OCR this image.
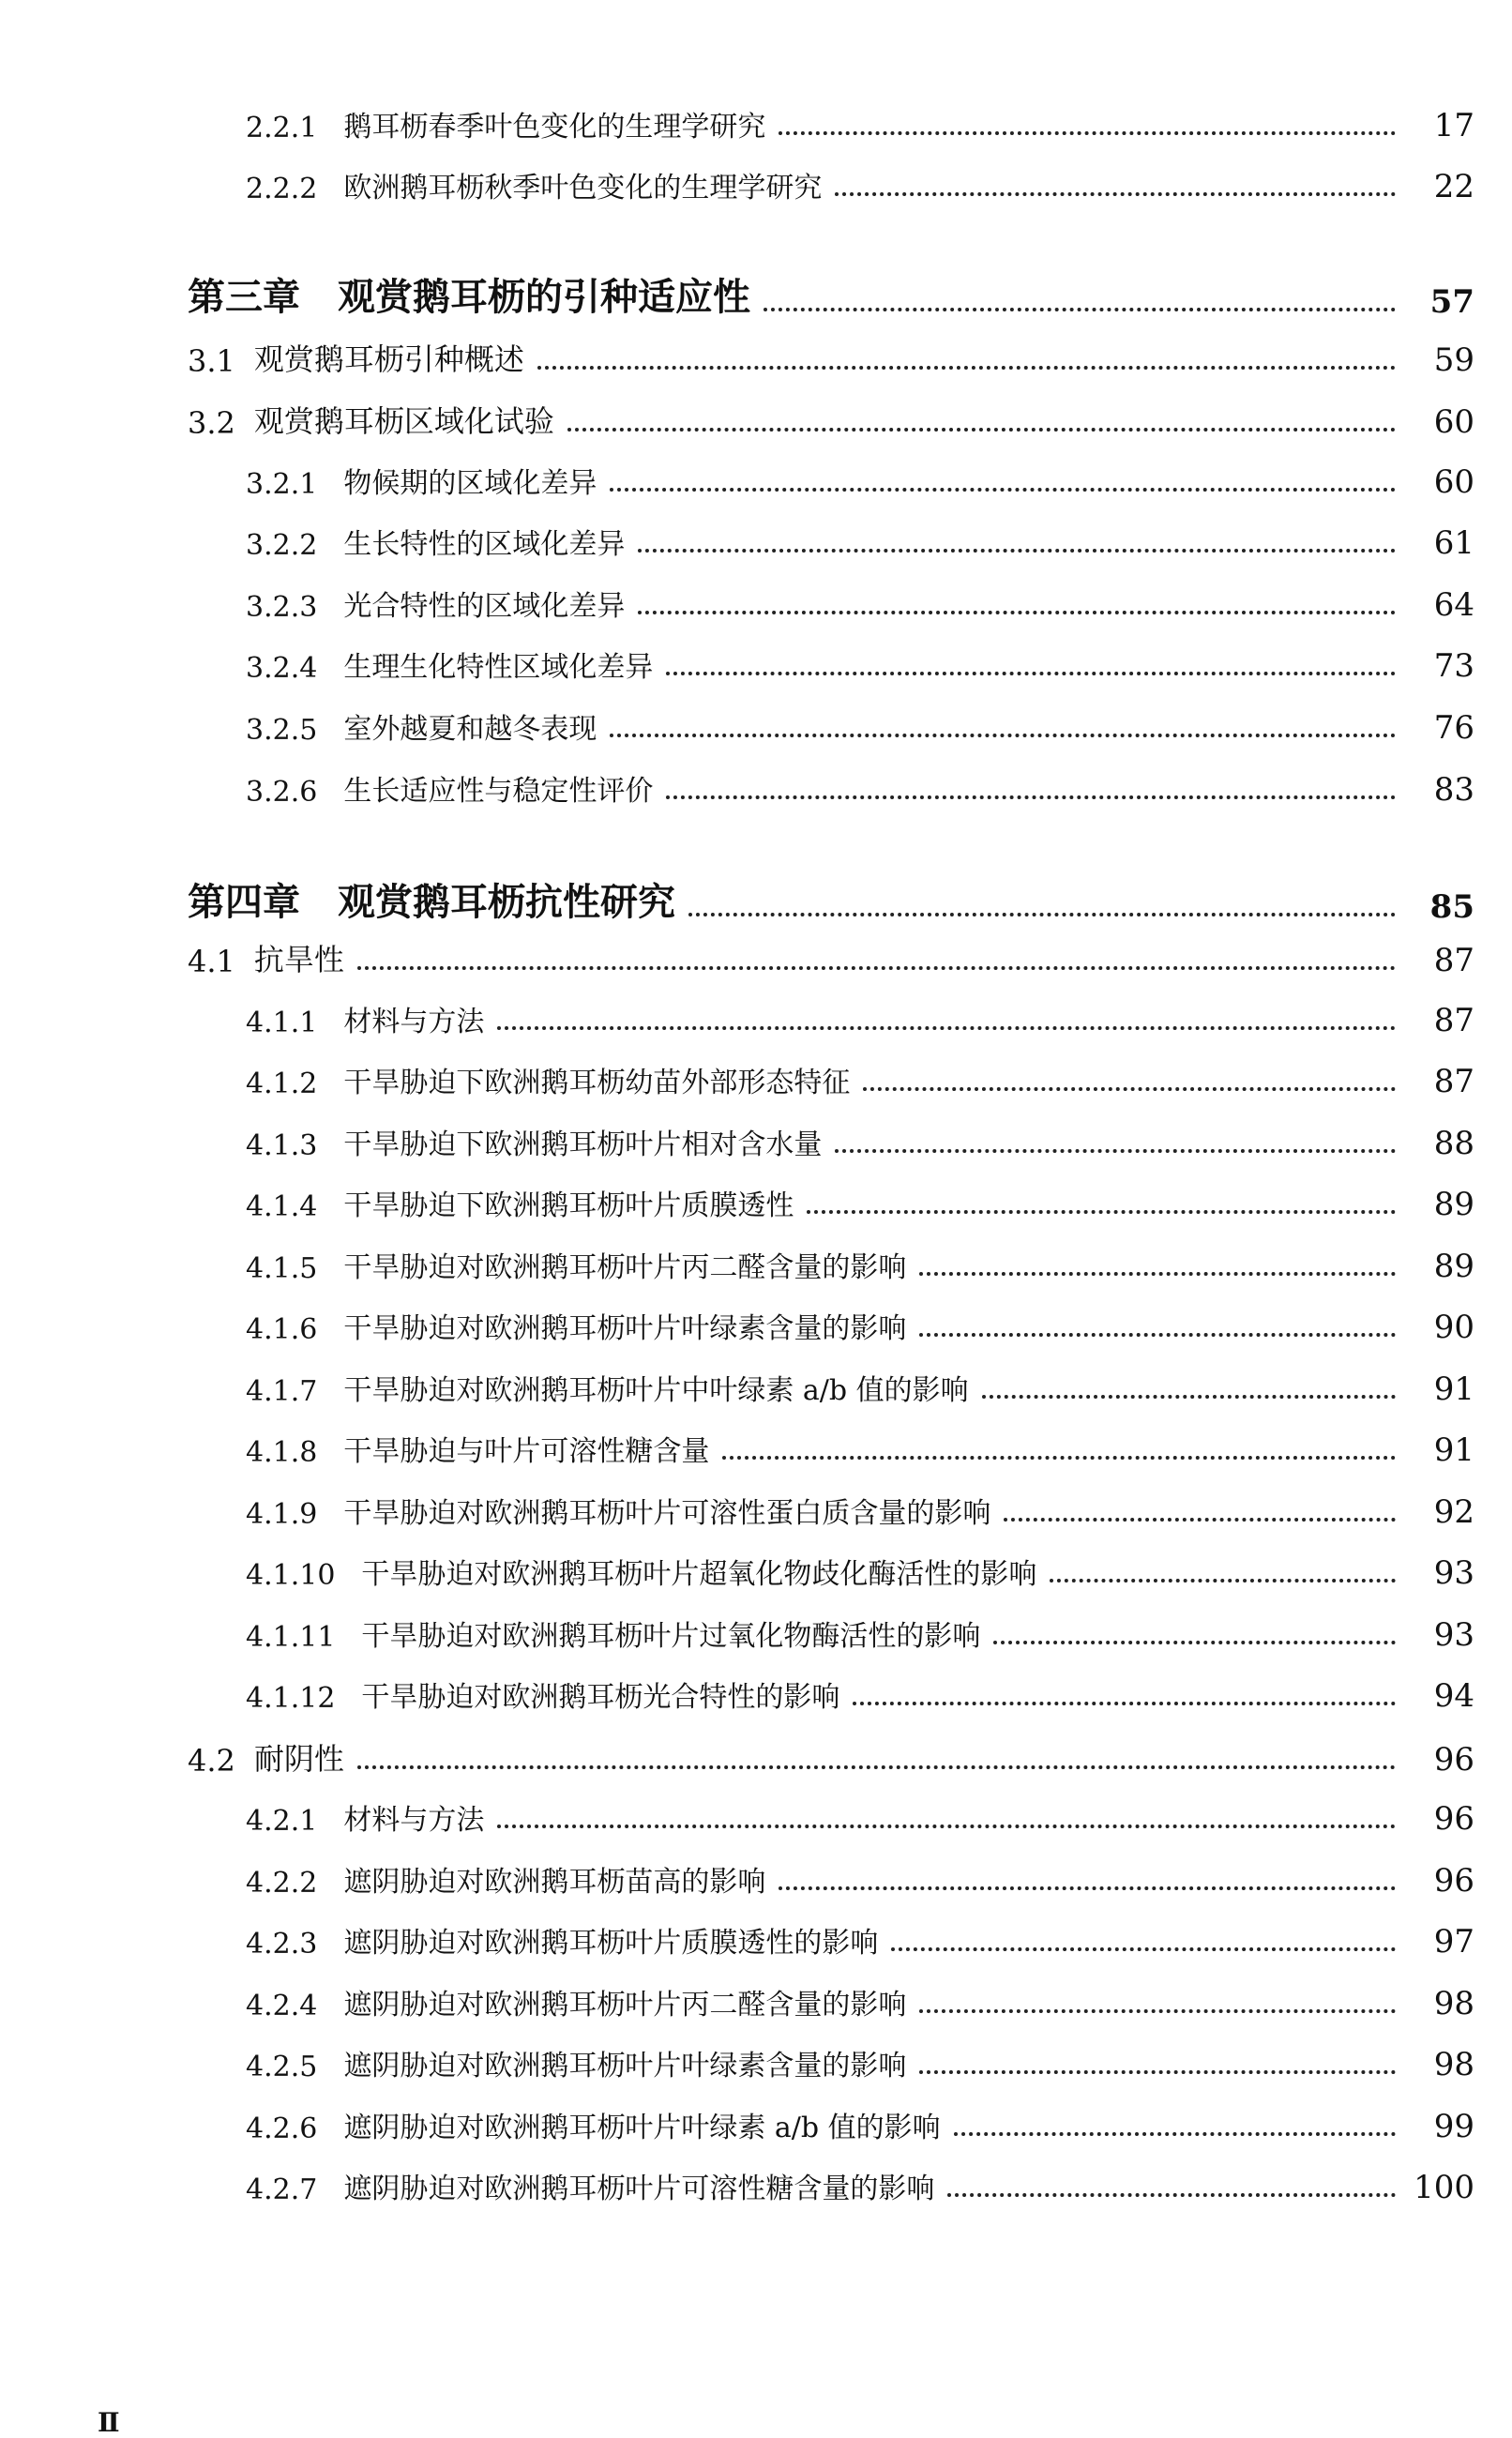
2.2.1 鹅耳枥春季叶色变化的生理学研究	17
2.2.2 欧洲鹅耳枥秋季叶色变化的生理学研究	22
第三章 观赏鹅耳枥的引种适应性	57
3.1 观赏鹅耳枥引种概述	59
3.2 观赏鹅耳枥区域化试验	60
3.2.1 物候期的区域化差异	60
3.2.2 生长特性的区域化差异	61
3.2.3 光合特性的区域化差异	64
3.2.4 生理生化特性区域化差异	73
3.2.5 室外越夏和越冬表现	76
3.2.6 生长适应性与稳定性评价	83
第四章 观赏鹅耳枥抗性研究	85
4.1 抗旱性	87
4.1.1 材料与方法	87
4.1.2 干旱胁迫下欧洲鹅耳枥幼苗外部形态特征	87
4.1.3 干旱胁迫下欧洲鹅耳枥叶片相对含水量	88
4.1.4 干旱胁迫下欧洲鹅耳枥叶片质膜透性	89
4.1.5 干旱胁迫对欧洲鹅耳枥叶片丙二醛含量的影响	89
4.1.6 干旱胁迫对欧洲鹅耳枥叶片叶绿素含量的影响	90
4.1.7 干旱胁迫对欧洲鹅耳枥叶片中叶绿素 a/b 值的影响	91
4.1.8 干旱胁迫与叶片可溶性糖含量	91
4.1.9 干旱胁迫对欧洲鹅耳枥叶片可溶性蛋白质含量的影响	92
4.1.10 干旱胁迫对欧洲鹅耳枥叶片超氧化物歧化酶活性的影响	93
4.1.11 干旱胁迫对欧洲鹅耳枥叶片过氧化物酶活性的影响	93
4.1.12 干旱胁迫对欧洲鹅耳枥光合特性的影响	94
4.2 耐阴性	96
4.2.1 材料与方法	96
4.2.2 遮阴胁迫对欧洲鹅耳枥苗高的影响	96
4.2.3 遮阴胁迫对欧洲鹅耳枥叶片质膜透性的影响	97
4.2.4 遮阴胁迫对欧洲鹅耳枥叶片丙二醛含量的影响	98
4.2.5 遮阴胁迫对欧洲鹅耳枥叶片叶绿素含量的影响	98
4.2.6 遮阴胁迫对欧洲鹅耳枥叶片叶绿素 a/b 值的影响	99
4.2.7 遮阴胁迫对欧洲鹅耳枥叶片可溶性糖含量的影响	100
Ⅱ
